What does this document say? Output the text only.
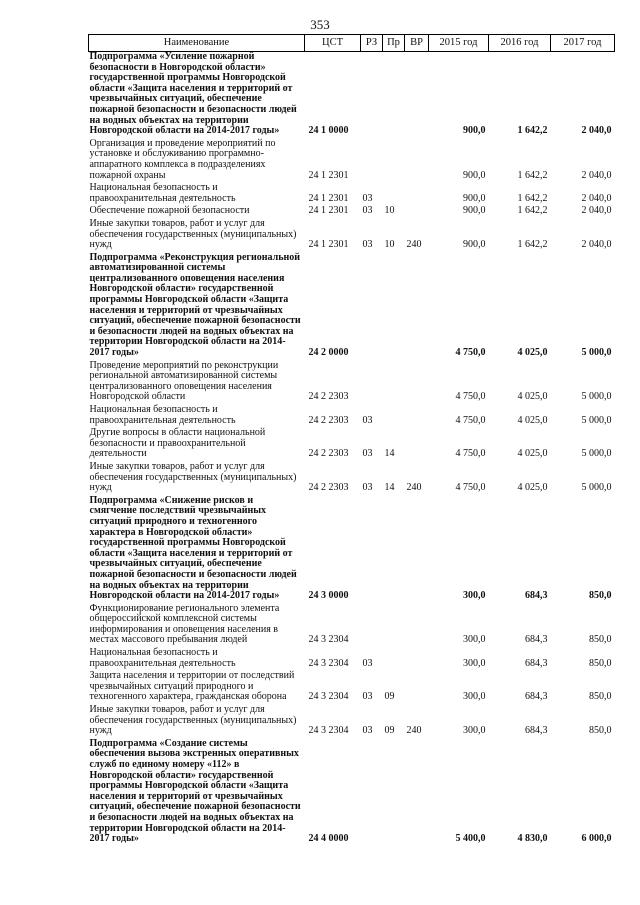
353
Наименование	ЦСТ	РЗ	Пр	ВР	2015 год	2016 год	2017 год
Подпрограмма «Усиление пожарной безопасности в Новгородской области» государственной программы Новгородской области «Защита населения и территорий от чрезвычайных ситуаций, обеспечение пожарной безопасности и безопасности людей на водных объектах на территории Новгородской области на 2014-2017 годы»	24 1 0000				900,0	1 642,2	2 040,0
Организация и проведение мероприятий по установке и обслуживанию программно-аппаратного комплекса в подразделениях пожарной охраны	24 1 2301				900,0	1 642,2	2 040,0
Национальная безопасность и правоохранительная деятельность	24 1 2301	03			900,0	1 642,2	2 040,0
Обеспечение пожарной безопасности	24 1 2301	03	10		900,0	1 642,2	2 040,0
Иные закупки товаров, работ и услуг для обеспечения государственных (муниципальных) нужд	24 1 2301	03	10	240	900,0	1 642,2	2 040,0
Подпрограмма «Реконструкция региональной автоматизированной системы централизованного оповещения населения Новгородской области» государственной программы Новгородской области «Защита населения и территорий от чрезвычайных ситуаций, обеспечение пожарной безопасности и безопасности людей на водных объектах на территории Новгородской области на 2014-2017 годы»	24 2 0000				4 750,0	4 025,0	5 000,0
Проведение мероприятий по реконструкции региональной автоматизированной системы централизованного оповещения населения Новгородской области	24 2 2303				4 750,0	4 025,0	5 000,0
Национальная безопасность и правоохранительная деятельность	24 2 2303	03			4 750,0	4 025,0	5 000,0
Другие вопросы в области национальной безопасности и правоохранительной деятельности	24 2 2303	03	14		4 750,0	4 025,0	5 000,0
Иные закупки товаров, работ и услуг для обеспечения государственных (муниципальных) нужд	24 2 2303	03	14	240	4 750,0	4 025,0	5 000,0
Подпрограмма «Снижение рисков и смягчение последствий чрезвычайных ситуаций природного и техногенного характера в Новгородской области» государственной программы Новгородской области «Защита населения и территорий от чрезвычайных ситуаций, обеспечение пожарной безопасности и безопасности людей на водных объектах на территории Новгородской области на 2014-2017 годы»	24 3 0000				300,0	684,3	850,0
Функционирование регионального элемента общероссийской комплексной системы информирования и оповещения населения в местах массового пребывания людей	24 3 2304				300,0	684,3	850,0
Национальная безопасность и правоохранительная деятельность	24 3 2304	03			300,0	684,3	850,0
Защита населения и территории от последствий чрезвычайных ситуаций природного и техногенного характера, гражданская оборона	24 3 2304	03	09		300,0	684,3	850,0
Иные закупки товаров, работ и услуг для обеспечения государственных (муниципальных) нужд	24 3 2304	03	09	240	300,0	684,3	850,0
Подпрограмма «Создание системы обеспечения вызова экстренных оперативных служб по единому номеру «112» в Новгородской области» государственной программы Новгородской области «Защита населения и территорий от чрезвычайных ситуаций, обеспечение пожарной безопасности и безопасности людей на водных объектах на территории Новгородской области на 2014-2017 годы»	24 4 0000				5 400,0	4 830,0	6 000,0
